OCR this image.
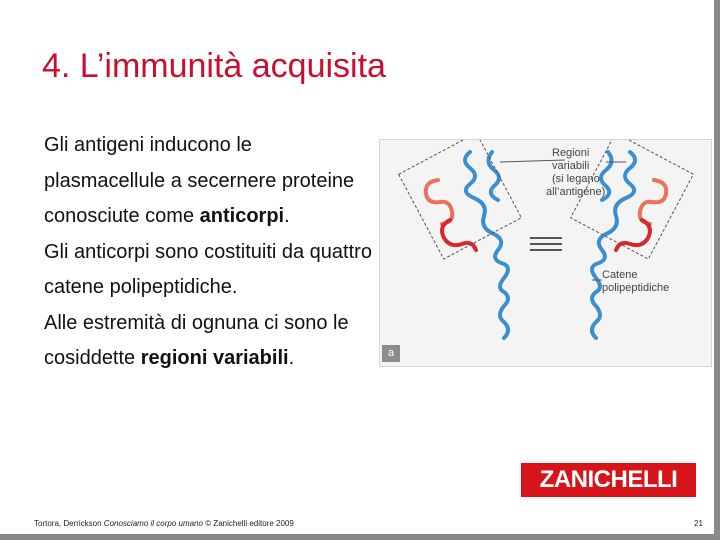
4. L’immunità acquisita

Gli antigeni inducono le plasmacellule a secernere proteine conosciute come anticorpi.

Gli anticorpi sono costituiti da quattro catene polipeptidiche.

Alle estremità di ognuna ci sono le cosiddette regioni variabili.

Regioni
variabili
(si legano
all’antigene)
Catene
polipeptidiche
a
ZANICHELLI
Tortora, Derrickson Conosciamo il corpo umano © Zanichelli editore 2009	21
